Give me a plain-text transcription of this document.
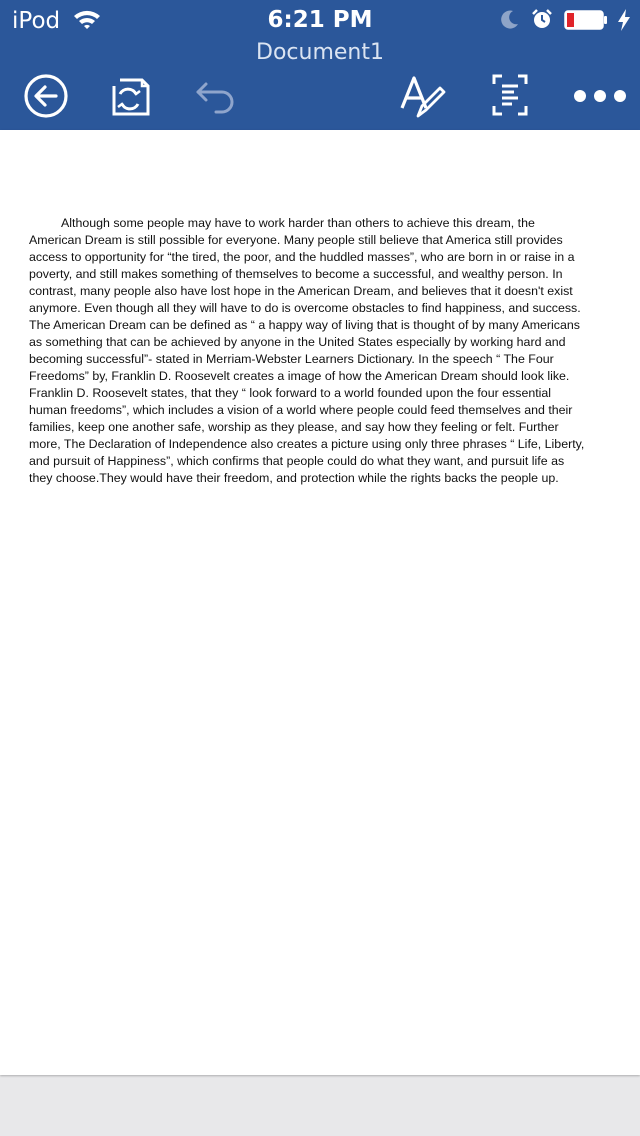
iPod	6:21 PM
Document1

Although some people may have to work harder than others to achieve this dream, the American Dream is still possible for everyone. Many people still believe that America still provides access to opportunity for “the tired, the poor, and the huddled masses”, who are born in or raise in a poverty, and still makes something of themselves to become a successful, and wealthy person. In contrast, many people also have lost hope in the American Dream, and believes that it doesn't exist anymore. Even though all they will have to do is overcome obstacles to find happiness, and success.

The American Dream can be defined as “ a happy way of living that is thought of by many Americans as something that can be achieved by anyone in the United States especially by working hard and becoming successful”- stated in Merriam-Webster Learners Dictionary. In the speech “ The Four Freedoms” by, Franklin D. Roosevelt creates a image of how the American Dream should look like. Franklin D. Roosevelt states, that they “ look forward to a world founded upon the four essential human freedoms”, which includes a vision of a world where people could feed themselves and their families, keep one another safe, worship as they please, and say how they feeling or felt. Further more, The Declaration of Independence also creates a picture using only three phrases “ Life, Liberty, and pursuit of Happiness”, which confirms that people could do what they want, and pursuit life as they choose.They would have their freedom, and protection while the rights backs the people up.
